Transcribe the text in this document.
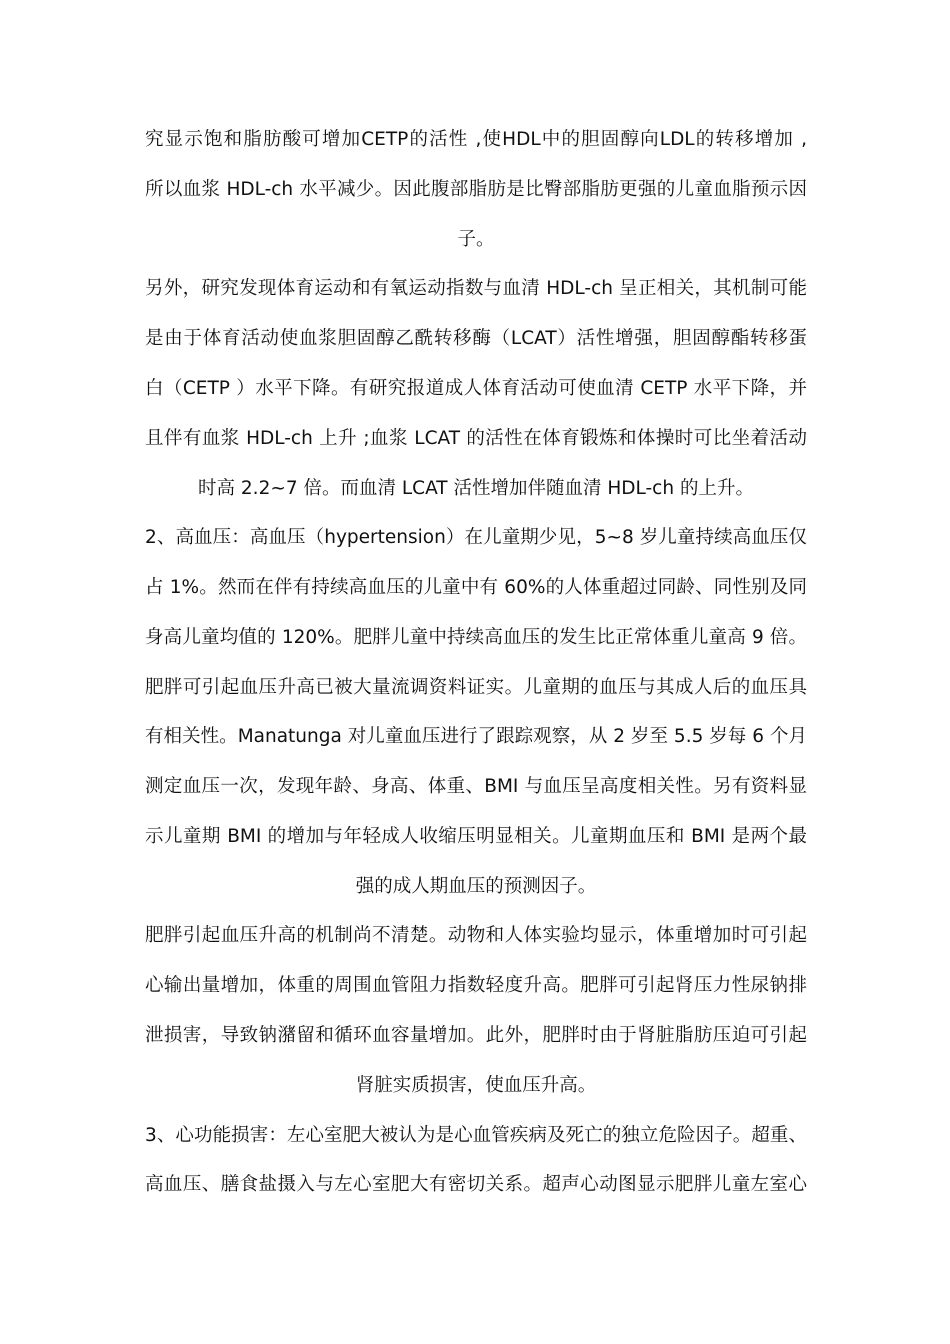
究显示饱和脂肪酸可增加CETP的活性 ,使HDL中的胆固醇向LDL的转移增加 ,
所以血浆 HDL-ch 水平减少。因此腹部脂肪是比臀部脂肪更强的儿童血脂预示因
子。
另外，研究发现体育运动和有氧运动指数与血清 HDL-ch 呈正相关，其机制可能
是由于体育活动使血浆胆固醇乙酰转移酶（LCAT）活性增强，胆固醇酯转移蛋
白（CETP ）水平下降。有研究报道成人体育活动可使血清 CETP 水平下降，并
且伴有血浆 HDL-ch 上升 ;血浆 LCAT 的活性在体育锻炼和体操时可比坐着活动
时高 2.2~7 倍。而血清 LCAT 活性增加伴随血清 HDL-ch 的上升。
2、高血压：高血压（hypertension）在儿童期少见，5~8 岁儿童持续高血压仅
占 1%。然而在伴有持续高血压的儿童中有 60%的人体重超过同龄、同性别及同
身高儿童均值的 120%。肥胖儿童中持续高血压的发生比正常体重儿童高 9 倍。
肥胖可引起血压升高已被大量流调资料证实。儿童期的血压与其成人后的血压具
有相关性。Manatunga 对儿童血压进行了跟踪观察，从 2 岁至 5.5 岁每 6 个月
测定血压一次，发现年龄、身高、体重、BMI 与血压呈高度相关性。另有资料显
示儿童期 BMI 的增加与年轻成人收缩压明显相关。儿童期血压和 BMI 是两个最
强的成人期血压的预测因子。
肥胖引起血压升高的机制尚不清楚。动物和人体实验均显示，体重增加时可引起
心输出量增加，体重的周围血管阻力指数轻度升高。肥胖可引起肾压力性尿钠排
泄损害，导致钠潴留和循环血容量增加。此外，肥胖时由于肾脏脂肪压迫可引起
肾脏实质损害，使血压升高。
3、心功能损害：左心室肥大被认为是心血管疾病及死亡的独立危险因子。超重、
高血压、膳食盐摄入与左心室肥大有密切关系。超声心动图显示肥胖儿童左室心
